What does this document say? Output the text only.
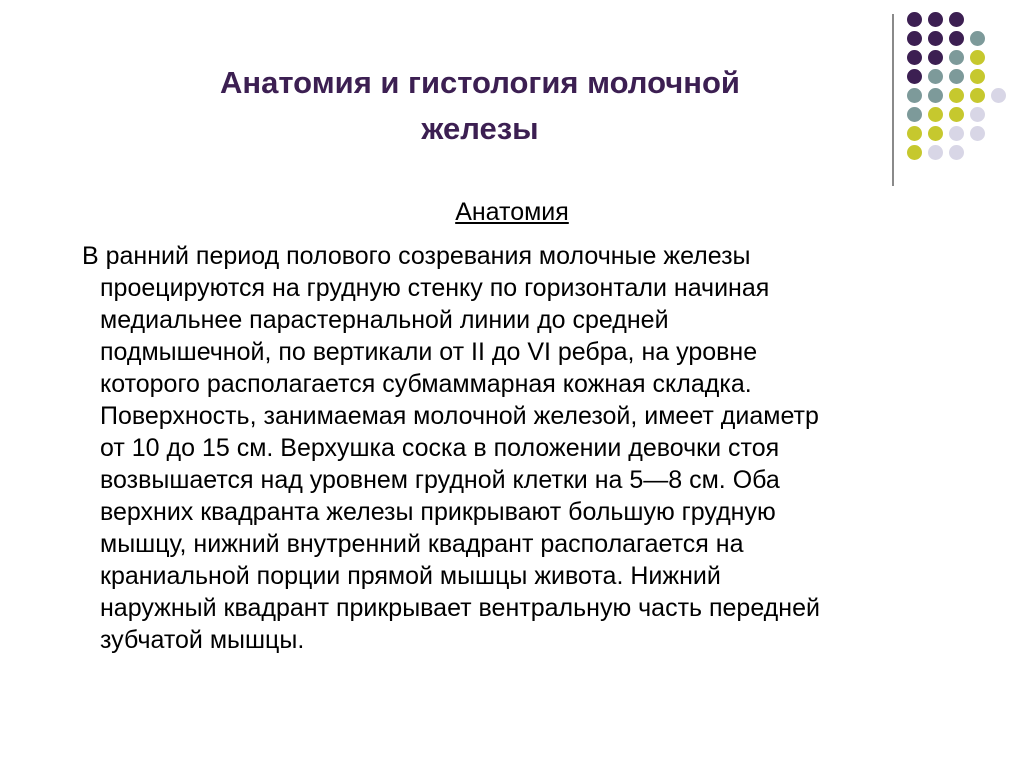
Анатомия и гистология молочной
железы
Анатомия

В ранний период полового созревания молочные железы
проецируются на грудную стенку по горизонтали начиная
медиальнее парастернальной линии до средней
подмышечной, по вертикали от II до VI ребра, на уровне
которого располагается субмаммарная кожная складка.
Поверхность, занимаемая молочной железой, имеет диаметр
от 10 до 15 см. Верхушка соска в положении девочки стоя
возвышается над уровнем грудной клетки на 5—8 см. Оба
верхних квадранта железы прикрывают большую грудную
мышцу, нижний внутренний квадрант располагается на
краниальной порции прямой мышцы живота. Нижний
наружный квадрант прикрывает вентральную часть передней
зубчатой мышцы.
